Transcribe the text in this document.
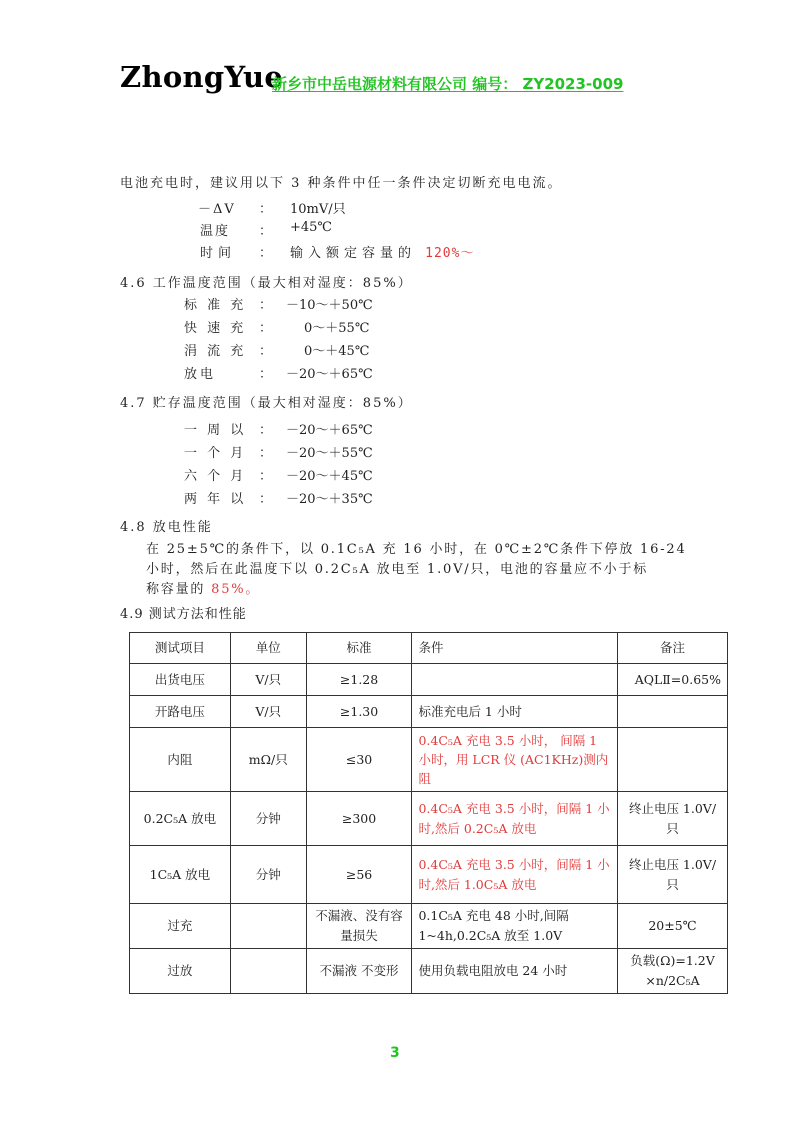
ZhongYue
新乡市中岳电源材料有限公司 编号： ZY2023-009
电池充电时，建议用以下 3 种条件中任一条件决定切断充电电流。
－ΔV ： 10mV/只
温度 ： +45℃
时间 ： 输入额定容量的 120%～
4.6 工作温度范围（最大相对湿度：85%）
标 准 充 ： －10～＋50℃
快 速 充 ： 0～＋55℃
涓 流 充 ： 0～＋45℃
放电	： －20～＋65℃
4.7 贮存温度范围（最大相对湿度：85%）
一 周 以 ： －20～＋65℃
一 个 月 ： －20～＋55℃
六 个 月 ： －20～＋45℃
两 年 以 ： －20～＋35℃
4.8 放电性能
在 25±5℃的条件下，以 0.1C₅A 充 16 小时，在 0℃±2℃条件下停放 16-24
小时，然后在此温度下以 0.2C₅A 放电至 1.0V/只，电池的容量应不小于标
称容量的 85%。
4.9 测试方法和性能
测试项目	单位	标准	条件	备注
出货电压	V/只	≥1.28		AQLⅡ=0.65%
开路电压	V/只	≥1.30	标准充电后 1 小时	
内阻	mΩ/只	≤30	0.4C₅A 充电 3.5 小时， 间隔 1 小时，用 LCR 仪 (AC1KHz)测内阻	
0.2C₅A 放电	分钟	≥300	0.4C₅A 充电 3.5 小时，间隔 1 小时,然后 0.2C₅A 放电	终止电压 1.0V/只
1C₅A 放电	分钟	≥56	0.4C₅A 充电 3.5 小时，间隔 1 小时,然后 1.0C₅A 放电	终止电压 1.0V/只
过充		不漏液、没有容量损失	0.1C₅A 充电 48 小时,间隔 1~4h,0.2C₅A 放至 1.0V	20±5℃
过放		不漏液 不变形	使用负载电阻放电 24 小时	负载(Ω)=1.2V ×n/2C₅A
3
